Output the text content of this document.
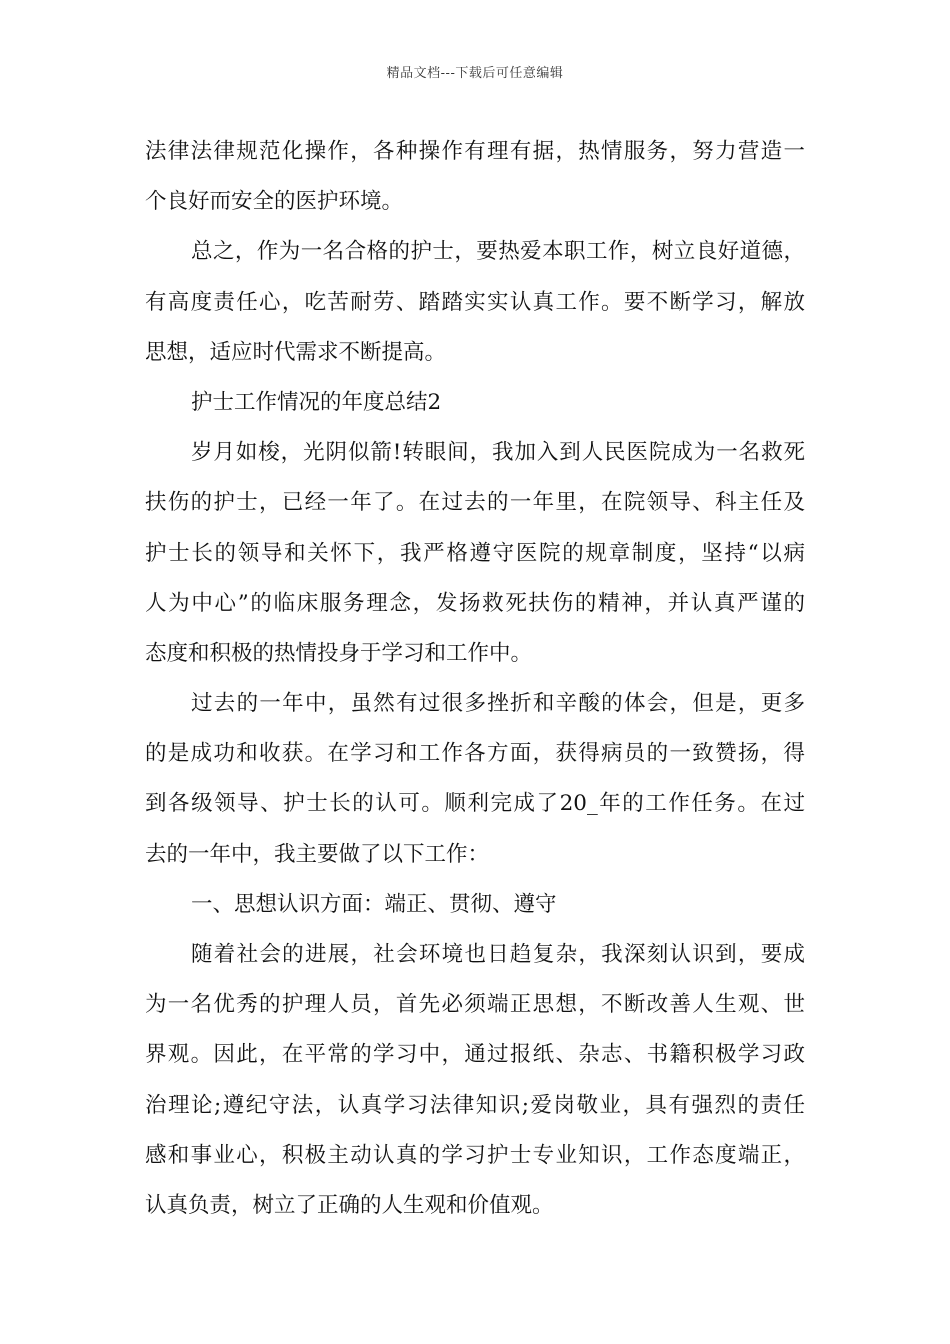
精品文档---下载后可任意编辑
法律法律规范化操作，各种操作有理有据，热情服务，努力营造一
个良好而安全的医护环境。
总之，作为一名合格的护士，要热爱本职工作，树立良好道德，
有高度责任心，吃苦耐劳、踏踏实实认真工作。要不断学习，解放
思想，适应时代需求不断提高。
护士工作情况的年度总结2
岁月如梭，光阴似箭!转眼间，我加入到人民医院成为一名救死
扶伤的护士，已经一年了。在过去的一年里，在院领导、科主任及
护士长的领导和关怀下，我严格遵守医院的规章制度，坚持“以病
人为中心”的临床服务理念，发扬救死扶伤的精神，并认真严谨的
态度和积极的热情投身于学习和工作中。
过去的一年中，虽然有过很多挫折和辛酸的体会，但是，更多
的是成功和收获。在学习和工作各方面，获得病员的一致赞扬，得
到各级领导、护士长的认可。顺利完成了20_年的工作任务。在过
去的一年中，我主要做了以下工作：
一、思想认识方面：端正、贯彻、遵守
随着社会的进展，社会环境也日趋复杂，我深刻认识到，要成
为一名优秀的护理人员，首先必须端正思想，不断改善人生观、世
界观。因此，在平常的学习中，通过报纸、杂志、书籍积极学习政
治理论;遵纪守法，认真学习法律知识;爱岗敬业，具有强烈的责任
感和事业心，积极主动认真的学习护士专业知识，工作态度端正，
认真负责，树立了正确的人生观和价值观。
